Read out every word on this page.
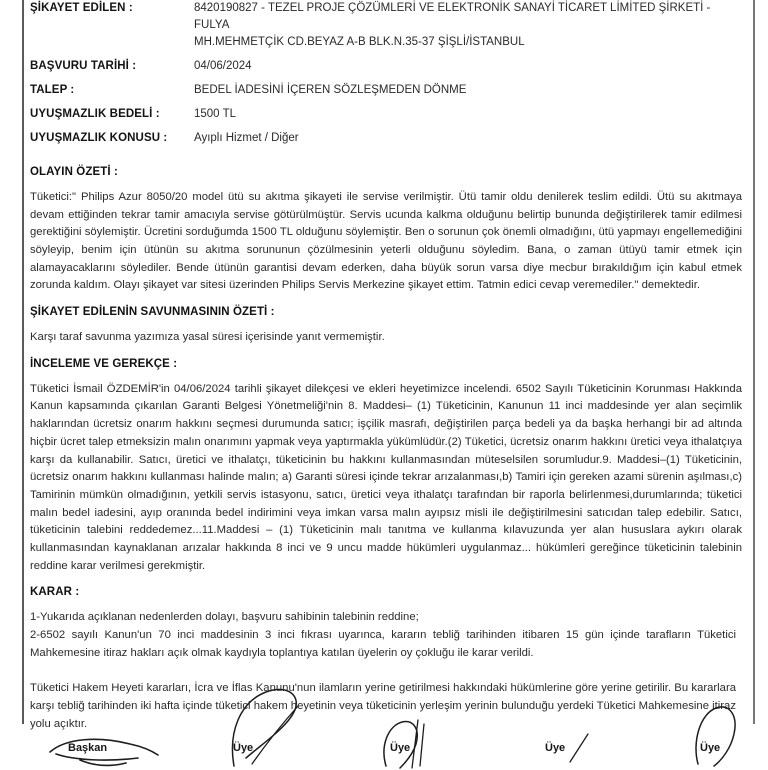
ŞİKAYET EDİLEN :	8420190827 - TEZEL PROJE ÇÖZÜMLERİ VE ELEKTRONİK SANAYİ TİCARET LİMİTED ŞİRKETİ - FULYA
MH.MEHMETÇİK CD.BEYAZ A-B BLK.N.35-37 ŞİŞLİ/İSTANBUL

BAŞVURU TARİHİ :	04/06/2024
TALEP :	BEDEL İADESİNİ İÇEREN SÖZLEŞMEDEN DÖNME
UYUŞMAZLIK BEDELİ :	1500 TL
UYUŞMAZLIK KONUSU :	Ayıplı Hizmet / Diğer
OLAYIN ÖZETİ :

Tüketici:" Philips Azur 8050/20 model ütü su akıtma şikayeti ile servise verilmiştir. Ütü tamir oldu denilerek teslim edildi. Ütü su akıtmaya devam ettiğinden tekrar tamir amacıyla servise götürülmüştür. Servis ucunda kalkma olduğunu belirtip bununda değiştirilerek tamir edilmesi gerektiğini söylemiştir. Ücretini sorduğumda 1500 TL olduğunu söylemiştir. Ben o sorunun çok önemli olmadığını, ütü yapmayı engellemediğini söyleyip, benim için ütünün su akıtma sorununun çözülmesinin yeterli olduğunu söyledim. Bana, o zaman ütüyü tamir etmek için alamayacaklarını söylediler. Bende ütünün garantisi devam ederken, daha büyük sorun varsa diye mecbur bırakıldığım için kabul etmek zorunda kaldım. Olayı şikayet var sitesi üzerinden Philips Servis Merkezine şikayet ettim. Tatmin edici cevap veremediler." demektedir.

ŞİKAYET EDİLENİN SAVUNMASININ ÖZETİ :

Karşı taraf savunma yazımıza yasal süresi içerisinde yanıt vermemiştir.

İNCELEME VE GEREKÇE :

Tüketici İsmail ÖZDEMİR'in 04/06/2024 tarihli şikayet dilekçesi ve ekleri heyetimizce incelendi. 6502 Sayılı Tüketicinin Korunması Hakkında Kanun kapsamında çıkarılan Garanti Belgesi Yönetmeliği'nin 8. Maddesi– (1) Tüketicinin, Kanunun 11 inci maddesinde yer alan seçimlik haklarından ücretsiz onarım hakkını seçmesi durumunda satıcı; işçilik masrafı, değiştirilen parça bedeli ya da başka herhangi bir ad altında hiçbir ücret talep etmeksizin malın onarımını yapmak veya yaptırmakla yükümlüdür.(2) Tüketici, ücretsiz onarım hakkını üretici veya ithalatçıya karşı da kullanabilir. Satıcı, üretici ve ithalatçı, tüketicinin bu hakkını kullanmasından müteselsilen sorumludur.9. Maddesi–(1) Tüketicinin, ücretsiz onarım hakkını kullanması halinde malın; a) Garanti süresi içinde tekrar arızalanması,b) Tamiri için gereken azami sürenin aşılması,c) Tamirinin mümkün olmadığının, yetkili servis istasyonu, satıcı, üretici veya ithalatçı tarafından bir raporla belirlenmesi,durumlarında; tüketici malın bedel iadesini, ayıp oranında bedel indirimini veya imkan varsa malın ayıpsız misli ile değiştirilmesini satıcıdan talep edebilir. Satıcı, tüketicinin talebini reddedemez...11.Maddesi – (1) Tüketicinin malı tanıtma ve kullanma kılavuzunda yer alan hususlara aykırı olarak kullanmasından kaynaklanan arızalar hakkında 8 inci ve 9 uncu madde hükümleri uygulanmaz... hükümleri gereğince tüketicinin talebinin reddine karar verilmesi gerekmiştir.

KARAR :

1-Yukarıda açıklanan nedenlerden dolayı, başvuru sahibinin talebinin reddine;

2-6502 sayılı Kanun'un 70 inci maddesinin 3 inci fıkrası uyarınca, kararın tebliğ tarihinden itibaren 15 gün içinde tarafların Tüketici Mahkemesine itiraz hakları açık olmak kaydıyla toplantıya katılan üyelerin oy çokluğu ile karar verildi.

Tüketici Hakem Heyeti kararları, İcra ve İflas Kanunu'nun ilamların yerine getirilmesi hakkındaki hükümlerine göre yerine getirilir. Bu kararlara karşı tebliğ tarihinden iki hafta içinde tüketici hakem heyetinin veya tüketicinin yerleşim yerinin bulunduğu yerdeki Tüketici Mahkemesine itiraz yolu açıktır.

Başkan	Üye	Üye	Üye	Üye
